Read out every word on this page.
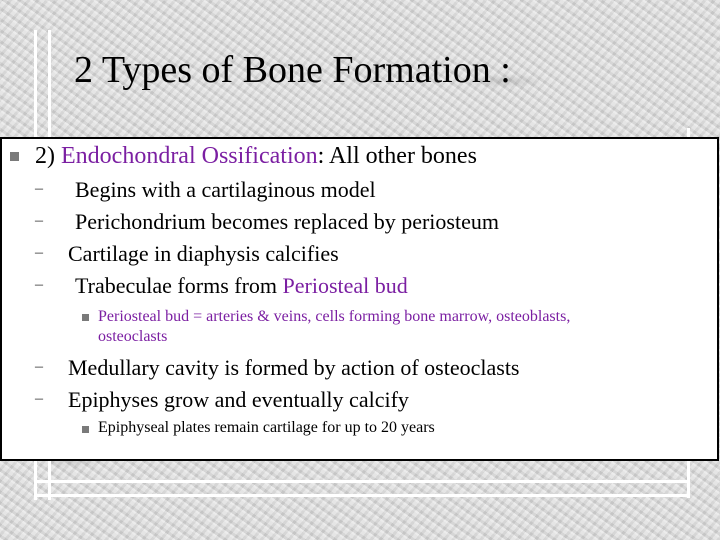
2 Types of Bone Formation :
2) Endochondral Ossification: All other bones
– Begins with a cartilaginous model
– Perichondrium becomes replaced by periosteum
– Cartilage in diaphysis calcifies
– Trabeculae forms from Periosteal bud
Periosteal bud = arteries & veins, cells forming bone marrow, osteoblasts,
osteoclasts
– Medullary cavity is formed by action of osteoclasts
– Epiphyses grow and eventually calcify
Epiphyseal plates remain cartilage for up to 20 years
